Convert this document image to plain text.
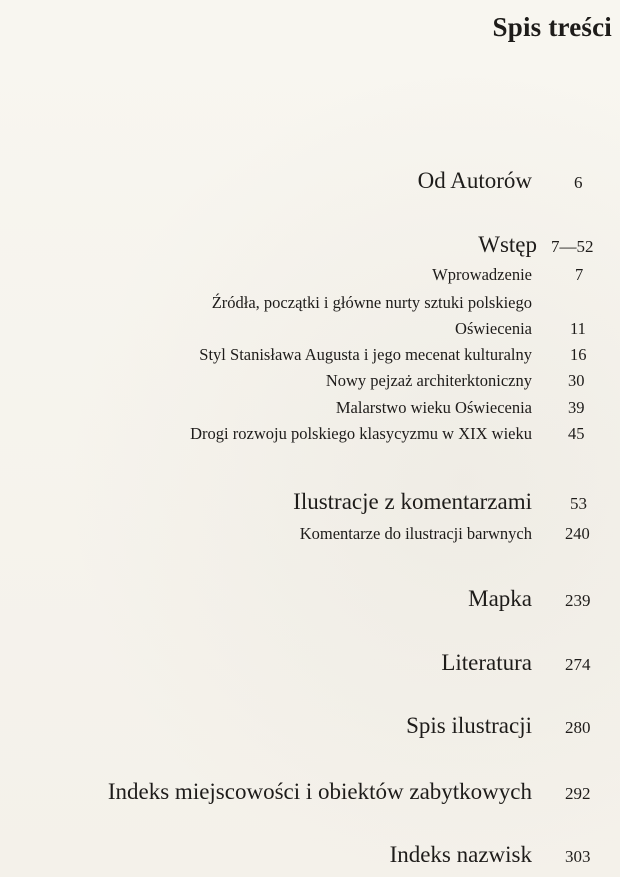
Spis treści
Od Autorów 6
Wstęp 7—52
Wprowadzenie	7
Źródła, początki i główne nurty sztuki polskiego
Oświecenia 11
Styl Stanisława Augusta i jego mecenat kulturalny 16
Nowy pejzaż architerktoniczny 30
Malarstwo wieku Oświecenia 39
Drogi rozwoju polskiego klasycyzmu w XIX wieku 45
Ilustracje z komentarzami 53
Komentarze do ilustracji barwnych 240
Mapka 239
Literatura 274
Spis ilustracji 280
Indeks miejscowości i obiektów zabytkowych 292
Indeks nazwisk 303
